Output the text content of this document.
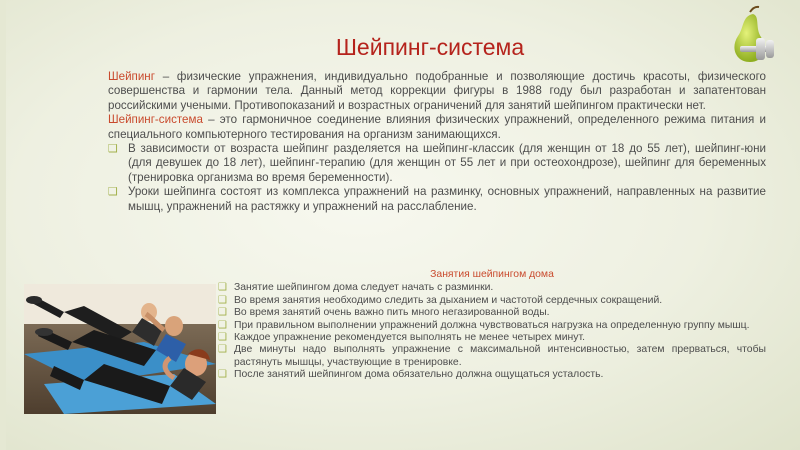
Шейпинг-система

Шейпинг – физические упражнения, индивидуально подобранные и позволяющие достичь красоты, физического совершенства и гармонии тела. Данный метод коррекции фигуры в 1988 году был разработан и запатентован российскими учеными. Противопоказаний и возрастных ограничений для занятий шейпингом практически нет.

Шейпинг-система – это гармоничное соединение влияния физических упражнений, определенного режима питания и специального компьютерного тестирования на организм занимающихся.

❑ В зависимости от возраста шейпинг разделяется на шейпинг-классик (для женщин от 18 до 55 лет), шейпинг-юни (для девушек до 18 лет), шейпинг-терапию (для женщин от 55 лет и при остеохондрозе), шейпинг для беременных (тренировка организма во время беременности).
❑ Уроки шейпинга состоят из комплекса упражнений на разминку, основных упражнений, направленных на развитие мышц, упражнений на растяжку и упражнений на расслабление.
Занятия шейпингом дома
❑ Занятие шейпингом дома следует начать с разминки.
❑ Во время занятия необходимо следить за дыханием и частотой сердечных сокращений.
❑ Во время занятий очень важно пить много негазированной воды.
❑ При правильном выполнении упражнений должна чувствоваться нагрузка на определенную группу мышц.
❑ Каждое упражнение рекомендуется выполнять не менее четырех минут.
❑ Две минуты надо выполнять упражнение с максимальной интенсивностью, затем прерваться, чтобы растянуть мышцы, участвующие в тренировке.
❑ После занятий шейпингом дома обязательно должна ощущаться усталость.
